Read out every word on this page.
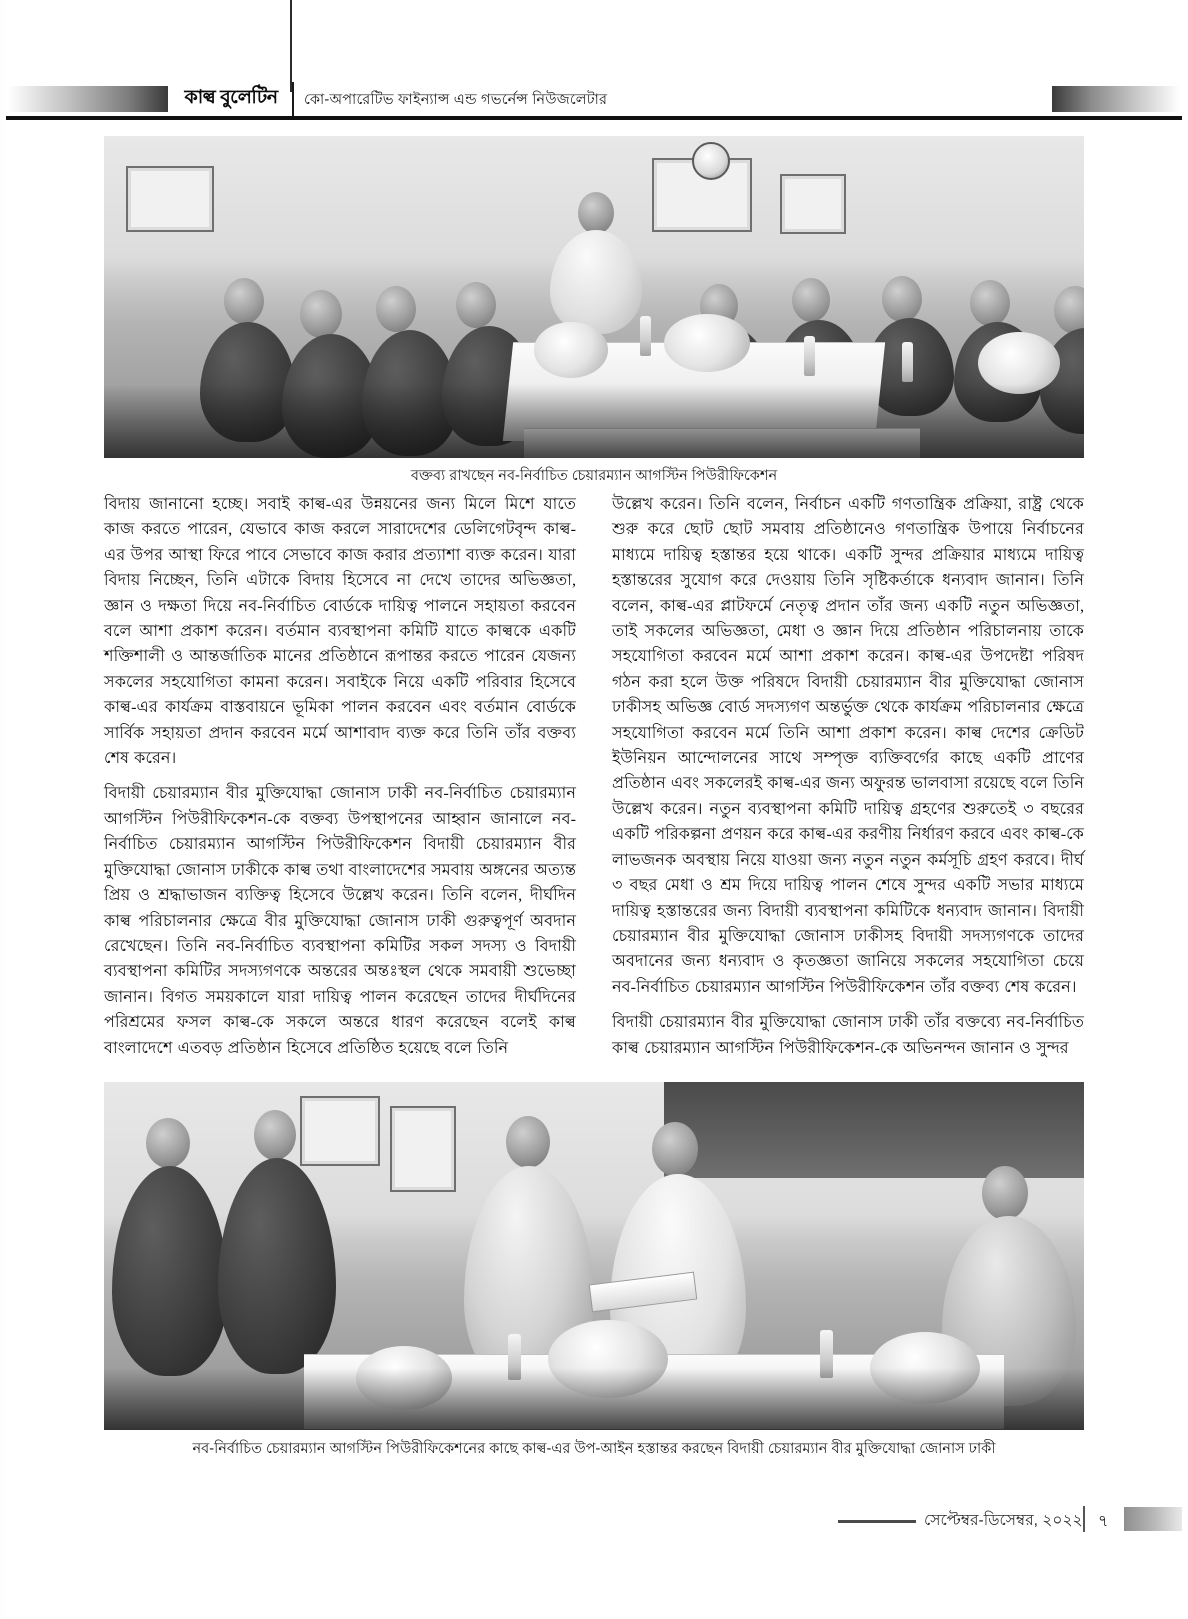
কাল্ব বুলেটিন	কো-অপারেটিভ ফাইন্যান্স এন্ড গভর্নেন্স নিউজলেটার
বক্তব্য রাখছেন নব-নির্বাচিত চেয়ারম্যান আগস্টিন পিউরীফিকেশন

বিদায় জানানো হচ্ছে। সবাই কাল্ব-এর উন্নয়নের জন্য মিলে মিশে যাতে কাজ করতে পারেন, যেভাবে কাজ করলে সারাদেশের ডেলিগেটবৃন্দ কাল্ব-এর উপর আস্থা ফিরে পাবে সেভাবে কাজ করার প্রত্যাশা ব্যক্ত করেন। যারা বিদায় নিচ্ছেন, তিনি এটাকে বিদায় হিসেবে না দেখে তাদের অভিজ্ঞতা, জ্ঞান ও দক্ষতা দিয়ে নব-নির্বাচিত বোর্ডকে দায়িত্ব পালনে সহায়তা করবেন বলে আশা প্রকাশ করেন। বর্তমান ব্যবস্থাপনা কমিটি যাতে কাল্বকে একটি শক্তিশালী ও আন্তর্জাতিক মানের প্রতিষ্ঠানে রূপান্তর করতে পারেন যেজন্য সকলের সহযোগিতা কামনা করেন। সবাইকে নিয়ে একটি পরিবার হিসেবে কাল্ব-এর কার্যক্রম বাস্তবায়নে ভূমিকা পালন করবেন এবং বর্তমান বোর্ডকে সার্বিক সহায়তা প্রদান করবেন মর্মে আশাবাদ ব্যক্ত করে তিনি তাঁর বক্তব্য শেষ করেন।

বিদায়ী চেয়ারম্যান বীর মুক্তিযোদ্ধা জোনাস ঢাকী নব-নির্বাচিত চেয়ারম্যান আগস্টিন পিউরীফিকেশন-কে বক্তব্য উপস্থাপনের আহ্বান জানালে নব-নির্বাচিত চেয়ারম্যান আগস্টিন পিউরীফিকেশন বিদায়ী চেয়ারম্যান বীর মুক্তিযোদ্ধা জোনাস ঢাকীকে কাল্ব তথা বাংলাদেশের সমবায় অঙ্গনের অত্যন্ত প্রিয় ও শ্রদ্ধাভাজন ব্যক্তিত্ব হিসেবে উল্লেখ করেন। তিনি বলেন, দীর্ঘদিন কাল্ব পরিচালনার ক্ষেত্রে বীর মুক্তিযোদ্ধা জোনাস ঢাকী গুরুত্বপূর্ণ অবদান রেখেছেন। তিনি নব-নির্বাচিত ব্যবস্থাপনা কমিটির সকল সদস্য ও বিদায়ী ব্যবস্থাপনা কমিটির সদস্যগণকে অন্তরের অন্তঃস্থল থেকে সমবায়ী শুভেচ্ছা জানান। বিগত সময়কালে যারা দায়িত্ব পালন করেছেন তাদের দীর্ঘদিনের পরিশ্রমের ফসল কাল্ব-কে সকলে অন্তরে ধারণ করেছেন বলেই কাল্ব বাংলাদেশে এতবড় প্রতিষ্ঠান হিসেবে প্রতিষ্ঠিত হয়েছে বলে তিনি

উল্লেখ করেন। তিনি বলেন, নির্বাচন একটি গণতান্ত্রিক প্রক্রিয়া, রাষ্ট্র থেকে শুরু করে ছোট ছোট সমবায় প্রতিষ্ঠানেও গণতান্ত্রিক উপায়ে নির্বাচনের মাধ্যমে দায়িত্ব হস্তান্তর হয়ে থাকে। একটি সুন্দর প্রক্রিয়ার মাধ্যমে দায়িত্ব হস্তান্তরের সুযোগ করে দেওয়ায় তিনি সৃষ্টিকর্তাকে ধন্যবাদ জানান। তিনি বলেন, কাল্ব-এর প্লাটফর্মে নেতৃত্ব প্রদান তাঁর জন্য একটি নতুন অভিজ্ঞতা, তাই সকলের অভিজ্ঞতা, মেধা ও জ্ঞান দিয়ে প্রতিষ্ঠান পরিচালনায় তাকে সহযোগিতা করবেন মর্মে আশা প্রকাশ করেন। কাল্ব-এর উপদেষ্টা পরিষদ গঠন করা হলে উক্ত পরিষদে বিদায়ী চেয়ারম্যান বীর মুক্তিযোদ্ধা জোনাস ঢাকীসহ অভিজ্ঞ বোর্ড সদস্যগণ অন্তর্ভুক্ত থেকে কার্যক্রম পরিচালনার ক্ষেত্রে সহযোগিতা করবেন মর্মে তিনি আশা প্রকাশ করেন। কাল্ব দেশের ক্রেডিট ইউনিয়ন আন্দোলনের সাথে সম্পৃক্ত ব্যক্তিবর্গের কাছে একটি প্রাণের প্রতিষ্ঠান এবং সকলেরই কাল্ব-এর জন্য অফুরন্ত ভালবাসা রয়েছে বলে তিনি উল্লেখ করেন। নতুন ব্যবস্থাপনা কমিটি দায়িত্ব গ্রহণের শুরুতেই ৩ বছরের একটি পরিকল্পনা প্রণয়ন করে কাল্ব-এর করণীয় নির্ধারণ করবে এবং কাল্ব-কে লাভজনক অবস্থায় নিয়ে যাওয়া জন্য নতুন নতুন কর্মসূচি গ্রহণ করবে। দীর্ঘ ৩ বছর মেধা ও শ্রম দিয়ে দায়িত্ব পালন শেষে সুন্দর একটি সভার মাধ্যমে দায়িত্ব হস্তান্তরের জন্য বিদায়ী ব্যবস্থাপনা কমিটিকে ধন্যবাদ জানান। বিদায়ী চেয়ারম্যান বীর মুক্তিযোদ্ধা জোনাস ঢাকীসহ বিদায়ী সদস্যগণকে তাদের অবদানের জন্য ধন্যবাদ ও কৃতজ্ঞতা জানিয়ে সকলের সহযোগিতা চেয়ে নব-নির্বাচিত চেয়ারম্যান আগস্টিন পিউরীফিকেশন তাঁর বক্তব্য শেষ করেন।

বিদায়ী চেয়ারম্যান বীর মুক্তিযোদ্ধা জোনাস ঢাকী তাঁর বক্তব্যে নব-নির্বাচিত কাল্ব চেয়ারম্যান আগস্টিন পিউরীফিকেশন-কে অভিনন্দন জানান ও সুন্দর

নব-নির্বাচিত চেয়ারম্যান আগস্টিন পিউরীফিকেশনের কাছে কাল্ব-এর উপ-আইন হস্তান্তর করছেন বিদায়ী চেয়ারম্যান বীর মুক্তিযোদ্ধা জোনাস ঢাকী
সেপ্টেম্বর-ডিসেম্বর, ২০২২ ৭
